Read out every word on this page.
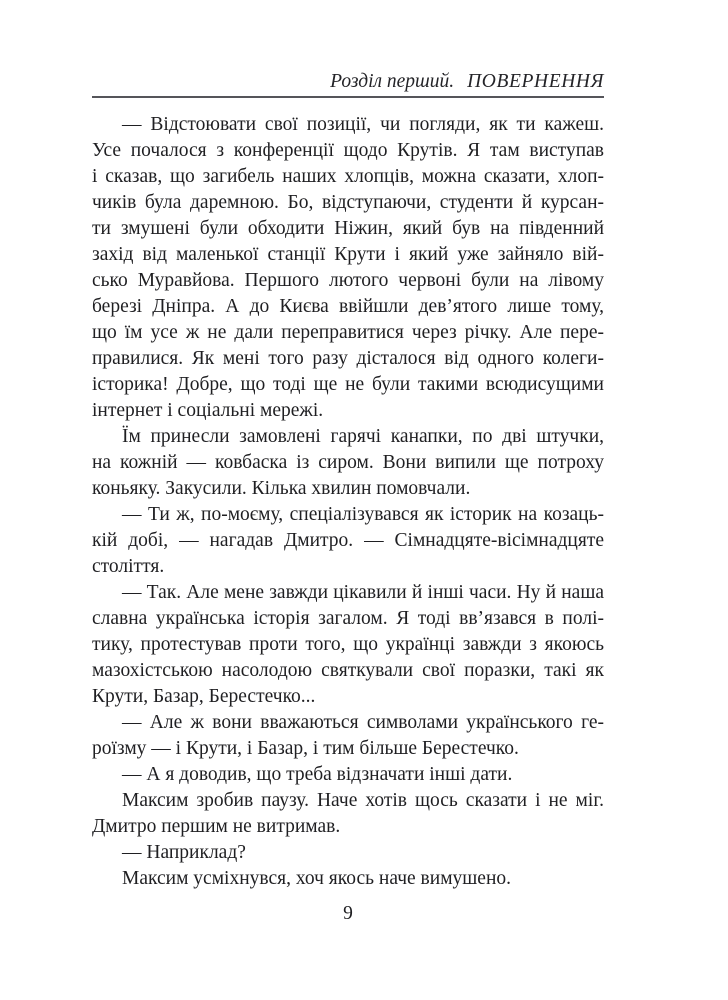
Розділ перший. ПОВЕРНЕННЯ
— Відстоювати свої позиції, чи погляди, як ти кажеш.
Усе почалося з конференції щодо Крутів. Я там виступав
і сказав, що загибель наших хлопців, можна сказати, хлоп-
чиків була даремною. Бо, відступаючи, студенти й курсан-
ти змушені були обходити Ніжин, який був на південний
захід від маленької станції Крути і який уже зайняло вій-
сько Муравйова. Першого лютого червоні були на лівому
березі Дніпра. А до Києва ввійшли дев’ятого лише тому,
що їм усе ж не дали переправитися через річку. Але пере-
правилися. Як мені того разу дісталося від одного колеги-
історика! Добре, що тоді ще не були такими всюдисущими
інтернет і соціальні мережі.
Їм принесли замовлені гарячі канапки, по дві штучки,
на кожній — ковбаска із сиром. Вони випили ще потроху
коньяку. Закусили. Кілька хвилин помовчали.
— Ти ж, по-моєму, спеціалізувався як історик на козаць-
кій добі, — нагадав Дмитро. — Сімнадцяте-вісімнадцяте
століття.
— Так. Але мене завжди цікавили й інші часи. Ну й наша
славна українська історія загалом. Я тоді вв’язався в полі-
тику, протестував проти того, що українці завжди з якоюсь
мазохістською насолодою святкували свої поразки, такі як
Крути, Базар, Берестечко...
— Але ж вони вважаються символами українського ге-
роїзму — і Крути, і Базар, і тим більше Берестечко.
— А я доводив, що треба відзначати інші дати.
Максим зробив паузу. Наче хотів щось сказати і не міг.
Дмитро першим не витримав.
— Наприклад?
Максим усміхнувся, хоч якось наче вимушено.
9
